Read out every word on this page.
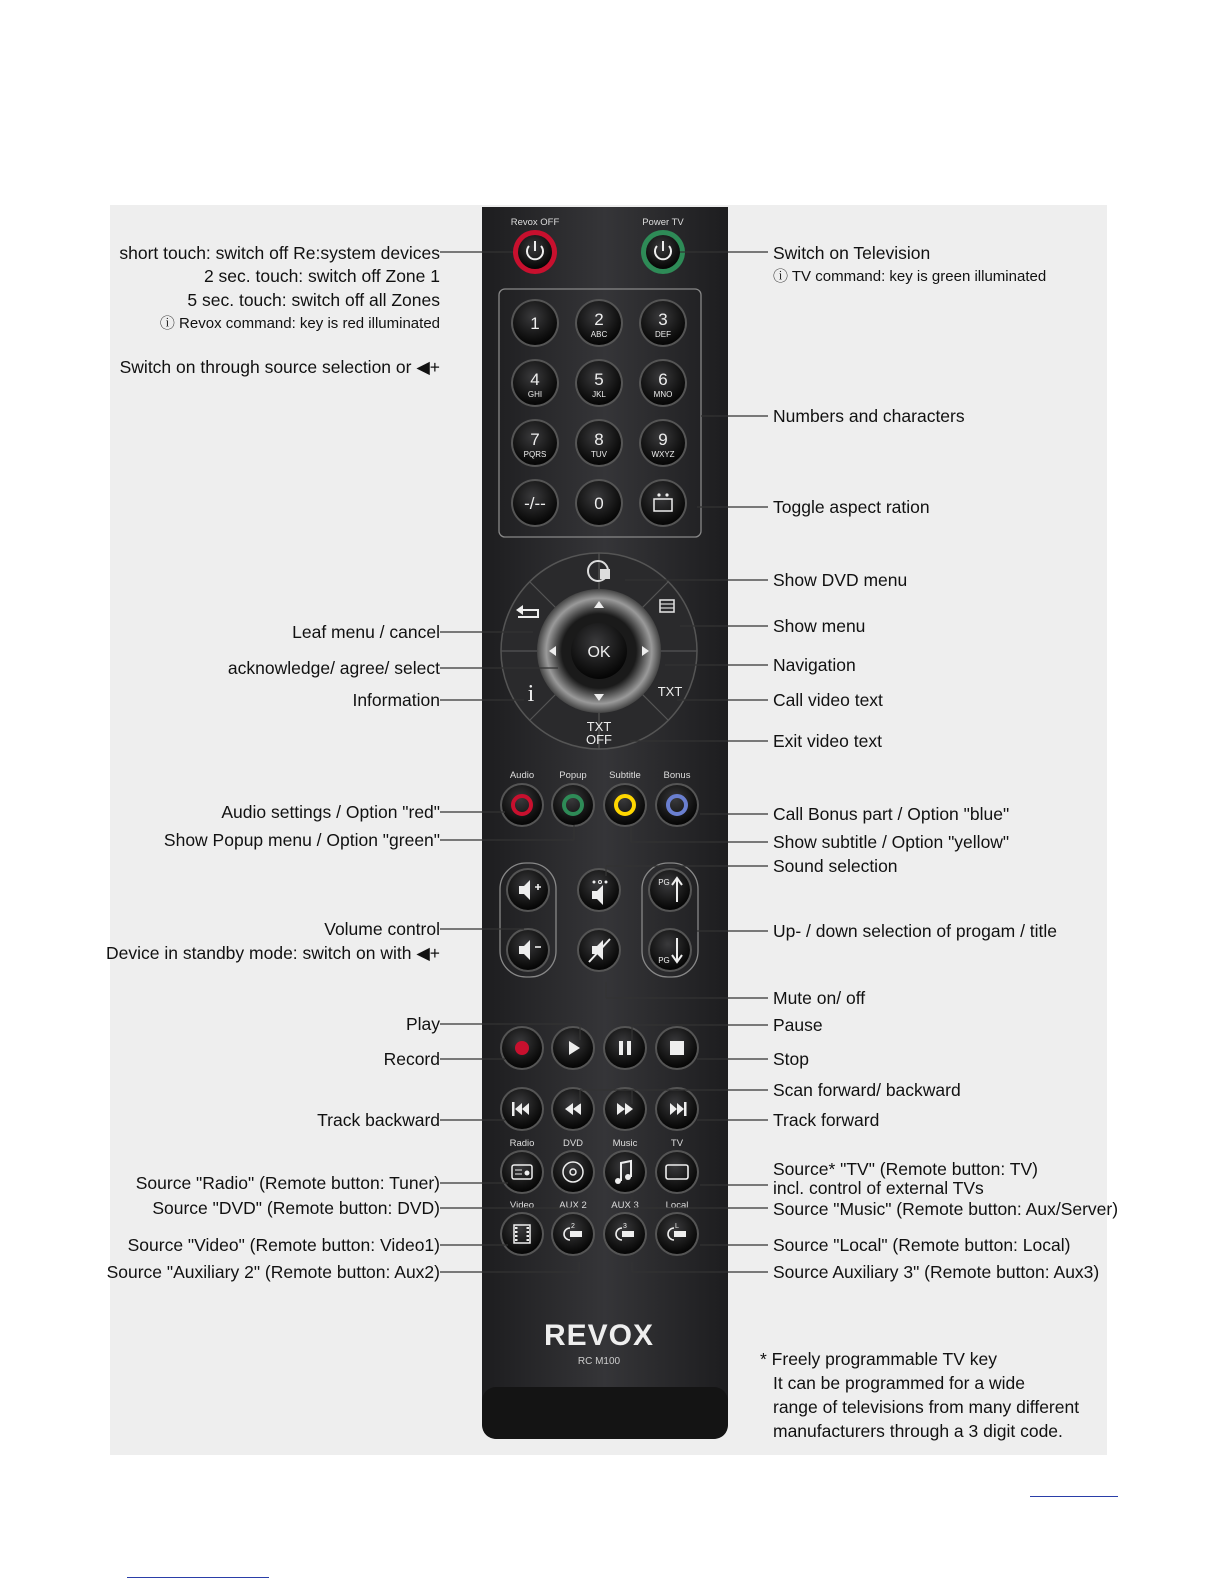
Revox OFF	Power TV
1	2
ABC
3
DEF
4
GHI
5
JKL
6
MNO
7
PQRS
8
TUV
9
WXYZ
-/--	0
OK
i	TXT
TXT
OFF
Audio	Popup Subtitle Bonus
PG
PG
Radio	DVD	Music	TV
Video	AUX 2	AUX 3	Local
2	3	L
REVOX
RC M100
short touch: switch off Re:system devices
2 sec. touch: switch off Zone 1
5 sec. touch: switch off all Zones
ⓘ Revox command: key is red illuminated
Switch on through source selection or ◀+
Leaf menu / cancel
acknowledge/ agree/ select
Information
Audio settings / Option "red"
Show Popup menu / Option "green"
Volume control
Device in standby mode: switch on with ◀+
Play
Record
Track backward
Source "Radio" (Remote button: Tuner)
Source "DVD" (Remote button: DVD)
Source "Video" (Remote button: Video1)
Source "Auxiliary 2" (Remote button: Aux2)
Switch on Television
ⓘ TV command: key is green illuminated
Numbers and characters
Toggle aspect ration
Show DVD menu
Show menu
Navigation
Call video text
Exit video text
Call Bonus part / Option "blue"
Show subtitle / Option "yellow"
Sound selection
Up- / down selection of progam / title
Mute on/ off
Pause
Stop
Scan forward/ backward
Track forward
Source* "TV" (Remote button: TV)
incl. control of external TVs
Source "Music" (Remote button: Aux/Server)
Source "Local" (Remote button: Local)
Source Auxiliary 3" (Remote button: Aux3)
* Freely programmable TV key
It can be programmed for a wide
range of televisions from many different
manufacturers through a 3 digit code.
